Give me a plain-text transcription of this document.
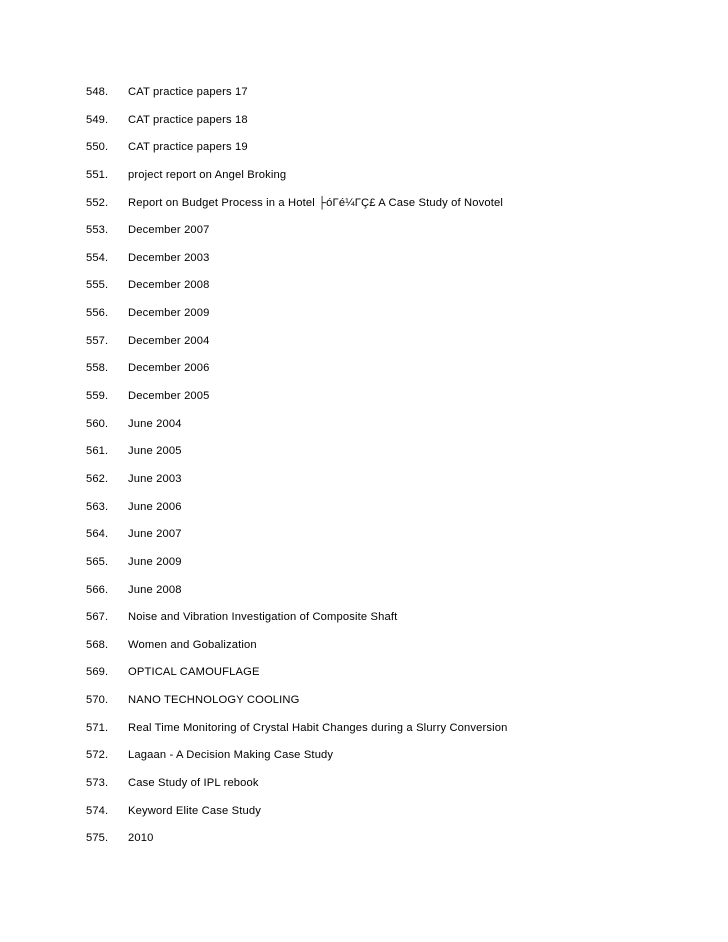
548.	CAT practice papers 17
549.	CAT practice papers 18
550.	CAT practice papers 19
551.	project report on Angel Broking
552.	Report on Budget Process in a Hotel ├óΓé¼ΓÇ£ A Case Study of Novotel
553.	December 2007
554.	December 2003
555.	December 2008
556.	December 2009
557.	December 2004
558.	December 2006
559.	December 2005
560.	June 2004
561.	June 2005
562.	June 2003
563.	June 2006
564.	June 2007
565.	June 2009
566.	June 2008
567.	Noise and Vibration Investigation of Composite Shaft
568.	Women and Gobalization
569.	OPTICAL CAMOUFLAGE
570.	NANO TECHNOLOGY COOLING
571.	Real Time Monitoring of Crystal Habit Changes during a Slurry Conversion
572.	Lagaan - A Decision Making Case Study
573.	Case Study of IPL rebook
574.	Keyword Elite Case Study
575.	2010
